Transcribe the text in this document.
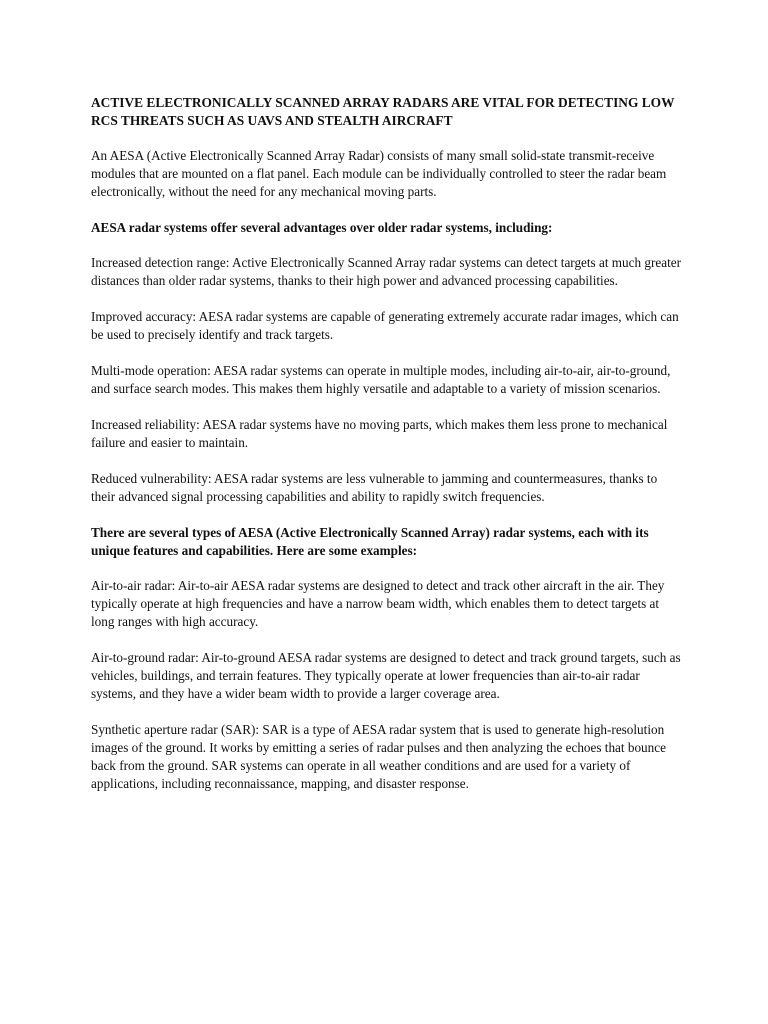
ACTIVE ELECTRONICALLY SCANNED ARRAY RADARS ARE VITAL FOR DETECTING LOW RCS THREATS SUCH AS UAVS AND STEALTH AIRCRAFT

An AESA (Active Electronically Scanned Array Radar) consists of many small solid-state transmit-receive modules that are mounted on a flat panel. Each module can be individually controlled to steer the radar beam electronically, without the need for any mechanical moving parts.

AESA radar systems offer several advantages over older radar systems, including:

Increased detection range: Active Electronically Scanned Array radar systems can detect targets at much greater distances than older radar systems, thanks to their high power and advanced processing capabilities.

Improved accuracy: AESA radar systems are capable of generating extremely accurate radar images, which can be used to precisely identify and track targets.

Multi-mode operation: AESA radar systems can operate in multiple modes, including air-to-air, air-to-ground, and surface search modes. This makes them highly versatile and adaptable to a variety of mission scenarios.

Increased reliability: AESA radar systems have no moving parts, which makes them less prone to mechanical failure and easier to maintain.

Reduced vulnerability: AESA radar systems are less vulnerable to jamming and countermeasures, thanks to their advanced signal processing capabilities and ability to rapidly switch frequencies.

There are several types of AESA (Active Electronically Scanned Array) radar systems, each with its unique features and capabilities. Here are some examples:

Air-to-air radar: Air-to-air AESA radar systems are designed to detect and track other aircraft in the air. They typically operate at high frequencies and have a narrow beam width, which enables them to detect targets at long ranges with high accuracy.

Air-to-ground radar: Air-to-ground AESA radar systems are designed to detect and track ground targets, such as vehicles, buildings, and terrain features. They typically operate at lower frequencies than air-to-air radar systems, and they have a wider beam width to provide a larger coverage area.

Synthetic aperture radar (SAR): SAR is a type of AESA radar system that is used to generate high-resolution images of the ground. It works by emitting a series of radar pulses and then analyzing the echoes that bounce back from the ground. SAR systems can operate in all weather conditions and are used for a variety of applications, including reconnaissance, mapping, and disaster response.
